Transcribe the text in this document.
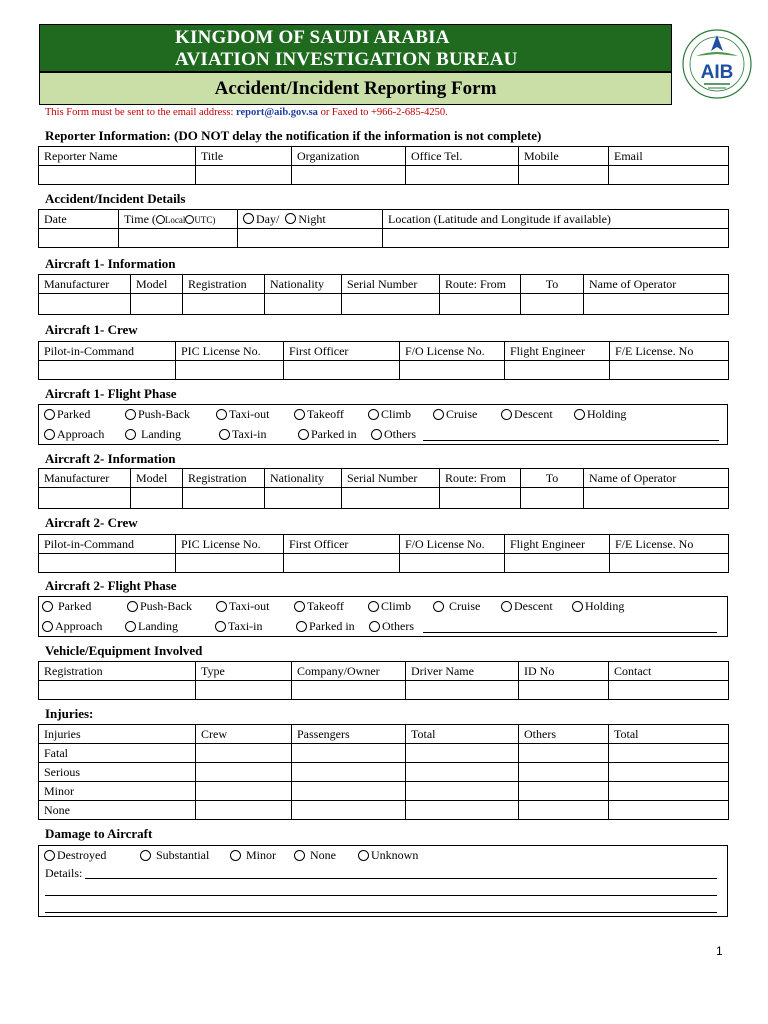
KINGDOM OF SAUDI ARABIA
AVIATION INVESTIGATION BUREAU
Accident/Incident Reporting Form
This Form must be sent to the email address: report@aib.gov.sa or Faxed to +966-2-685-4250.
AIB
Reporter Information: (DO NOT delay the notification if the information is not complete)
Reporter Name	Title	Organization	Office Tel.	Mobile	Email

Accident/Incident Details
Date	Time ( Local UTC)	Day/ Night	Location (Latitude and Longitude if available)

Aircraft 1- Information
Manufacturer	Model	Registration	Nationality	Serial Number	Route: From	To	Name of Operator

Aircraft 1- Crew
Pilot-in-Command	PIC License No.	First Officer	F/O License No.	Flight Engineer	F/E License. No

Aircraft 1- Flight Phase
Parked	Push-Back	Taxi-out	Takeoff	Climb	Cruise	Descent	Holding
Approach	Landing	Taxi-in	Parked in Others
Aircraft 2- Information
Manufacturer	Model	Registration	Nationality	Serial Number	Route: From	To	Name of Operator

Aircraft 2- Crew
Pilot-in-Command	PIC License No.	First Officer	F/O License No.	Flight Engineer	F/E License. No

Aircraft 2- Flight Phase
Parked	Push-Back	Taxi-out	Takeoff	Climb	Cruise	Descent	Holding
Approach	Landing	Taxi-in	Parked in Others
Vehicle/Equipment Involved
Registration	Type	Company/Owner	Driver Name	ID No	Contact

Injuries:
Injuries	Crew	Passengers	Total	Others	Total
Fatal					
Serious					
Minor					
None					
Damage to Aircraft
Destroyed	Substantial	Minor	None	Unknown
Details:
1
